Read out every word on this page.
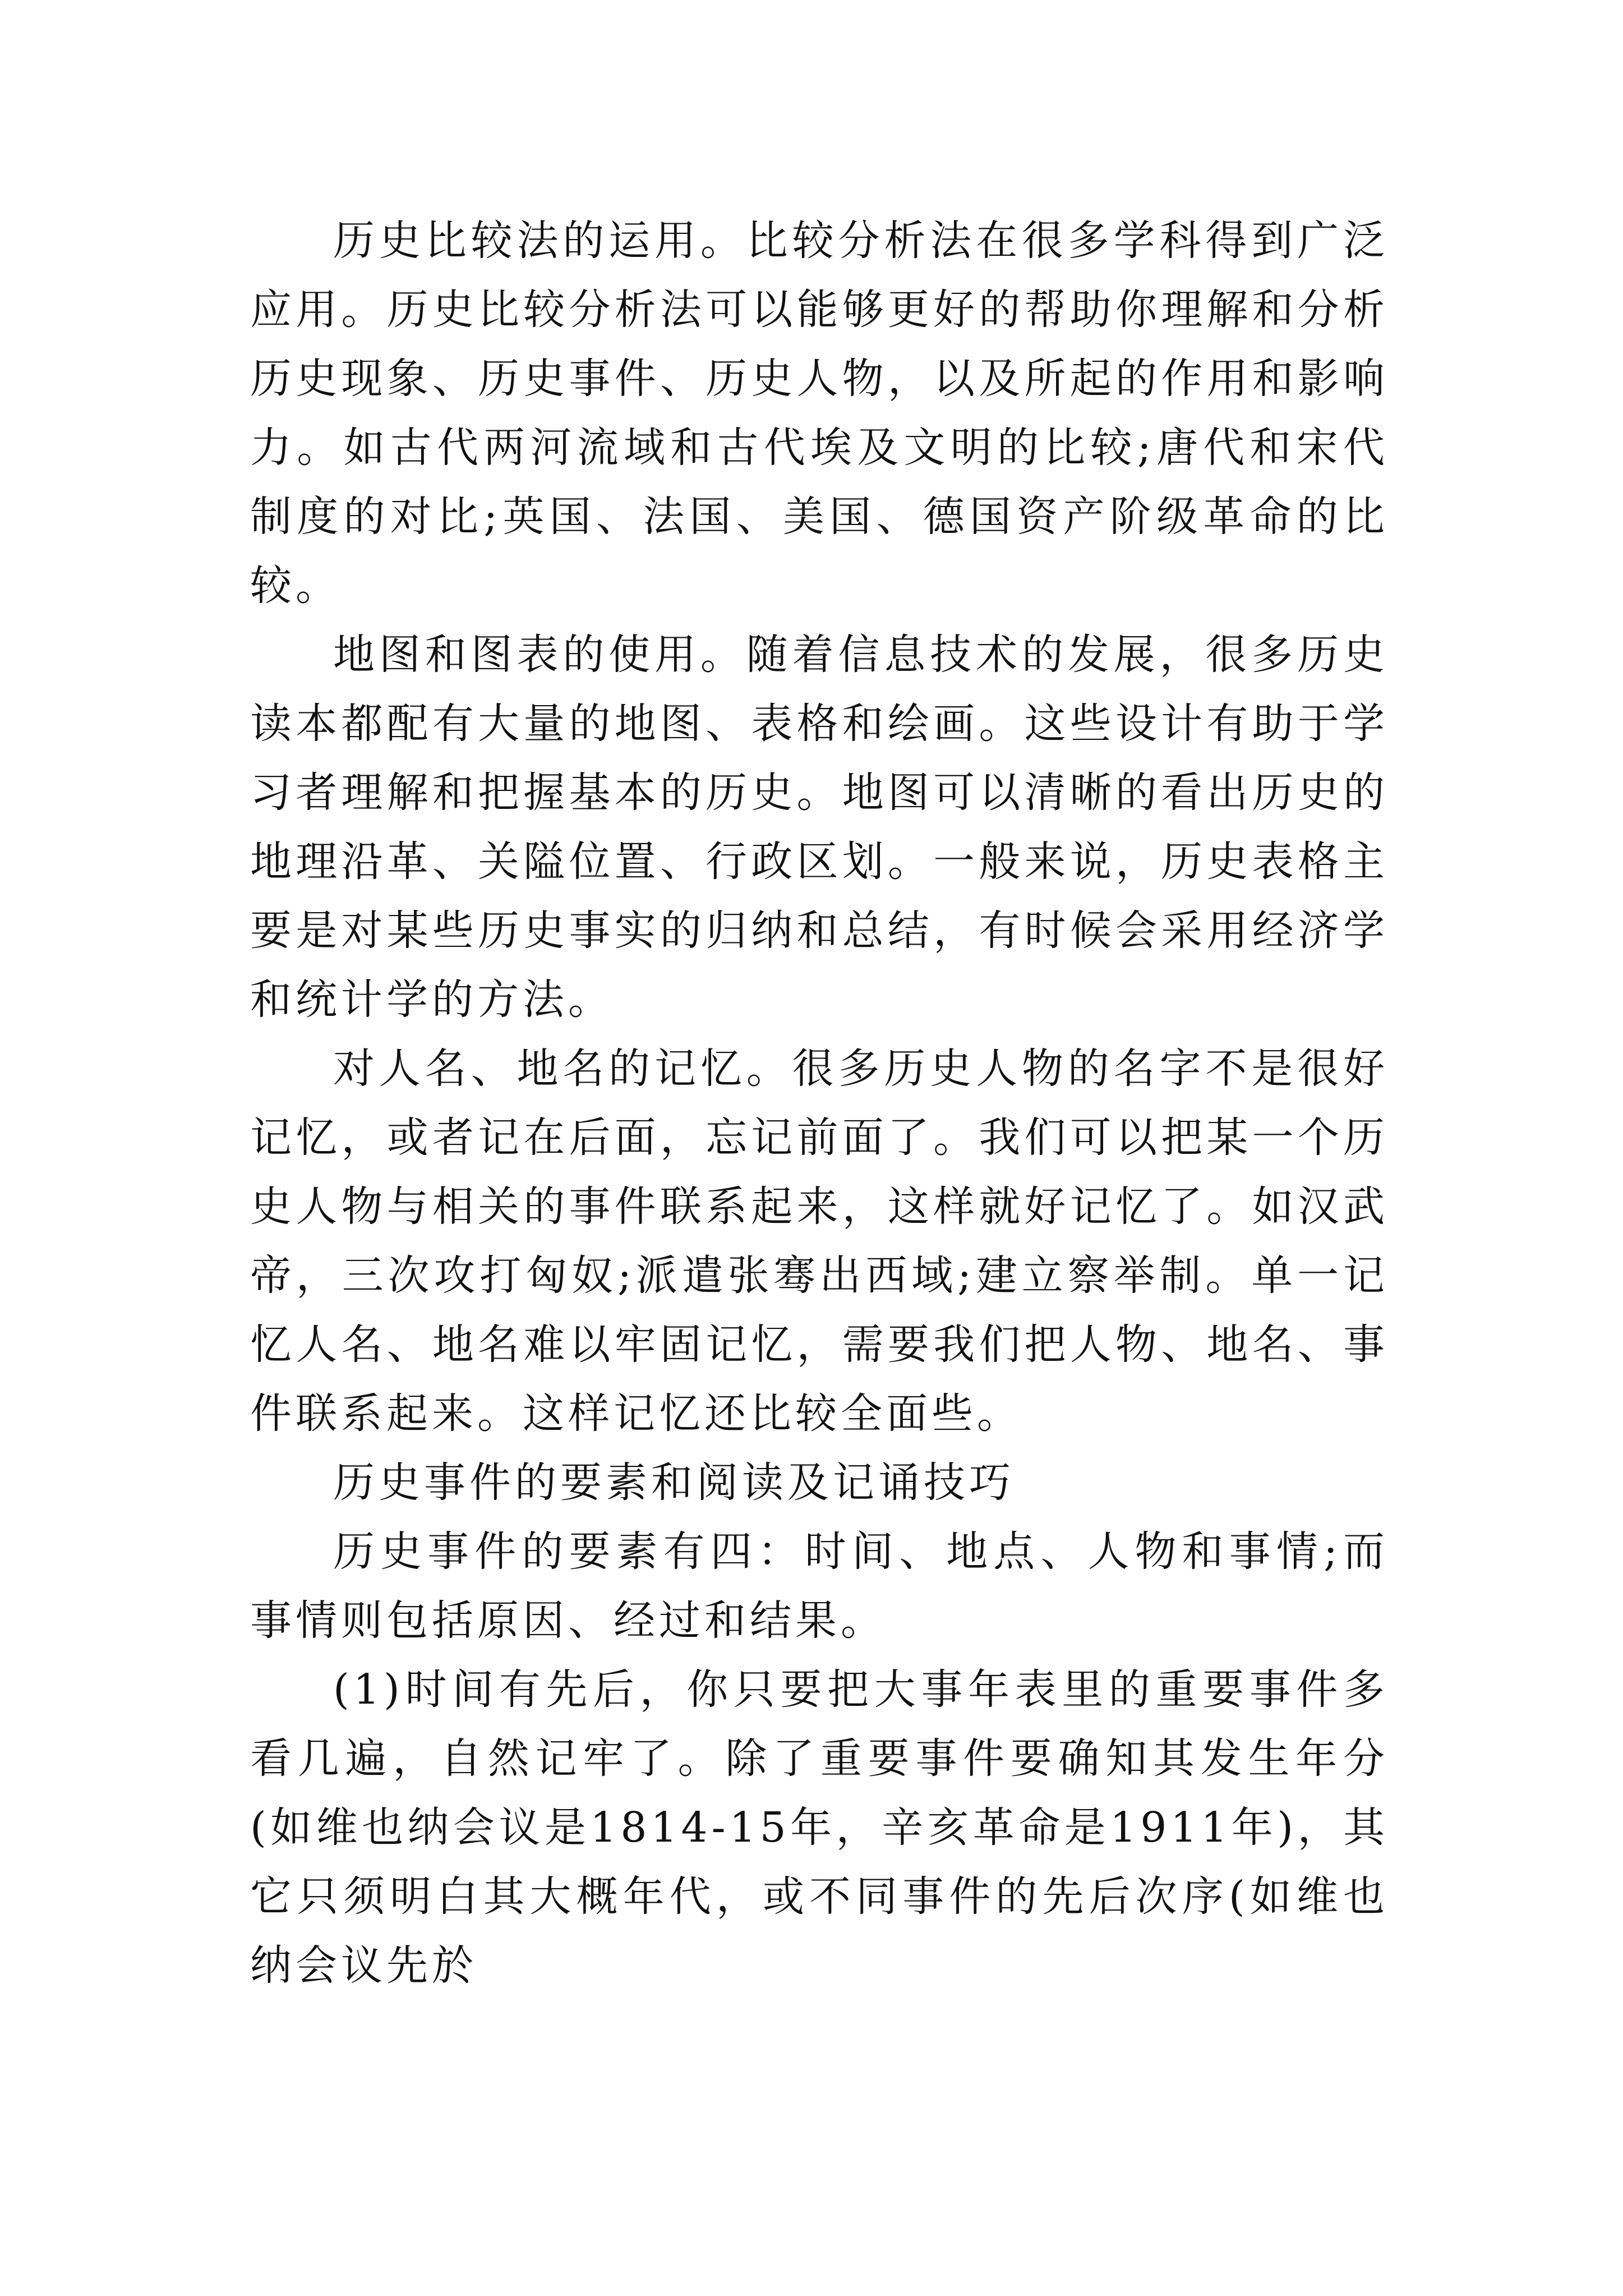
历史比较法的运用。比较分析法在很多学科得到广泛应用。历史比较分析法可以能够更好的帮助你理解和分析历史现象、历史事件、历史人物，以及所起的作用和影响力。如古代两河流域和古代埃及文明的比较;唐代和宋代制度的对比;英国、法国、美国、德国资产阶级革命的比较。

地图和图表的使用。随着信息技术的发展，很多历史读本都配有大量的地图、表格和绘画。这些设计有助于学习者理解和把握基本的历史。地图可以清晰的看出历史的地理沿革、关隘位置、行政区划。一般来说，历史表格主要是对某些历史事实的归纳和总结，有时候会采用经济学和统计学的方法。

对人名、地名的记忆。很多历史人物的名字不是很好记忆，或者记在后面，忘记前面了。我们可以把某一个历史人物与相关的事件联系起来，这样就好记忆了。如汉武帝，三次攻打匈奴;派遣张骞出西域;建立察举制。单一记忆人名、地名难以牢固记忆，需要我们把人物、地名、事件联系起来。这样记忆还比较全面些。

历史事件的要素和阅读及记诵技巧

历史事件的要素有四：时间、地点、人物和事情;而事情则包括原因、经过和结果。

(1)时间有先后，你只要把大事年表里的重要事件多看几遍，自然记牢了。除了重要事件要确知其发生年分(如维也纳会议是1814-15年，辛亥革命是1911年)，其它只须明白其大概年代，或不同事件的先后次序(如维也纳会议先於
